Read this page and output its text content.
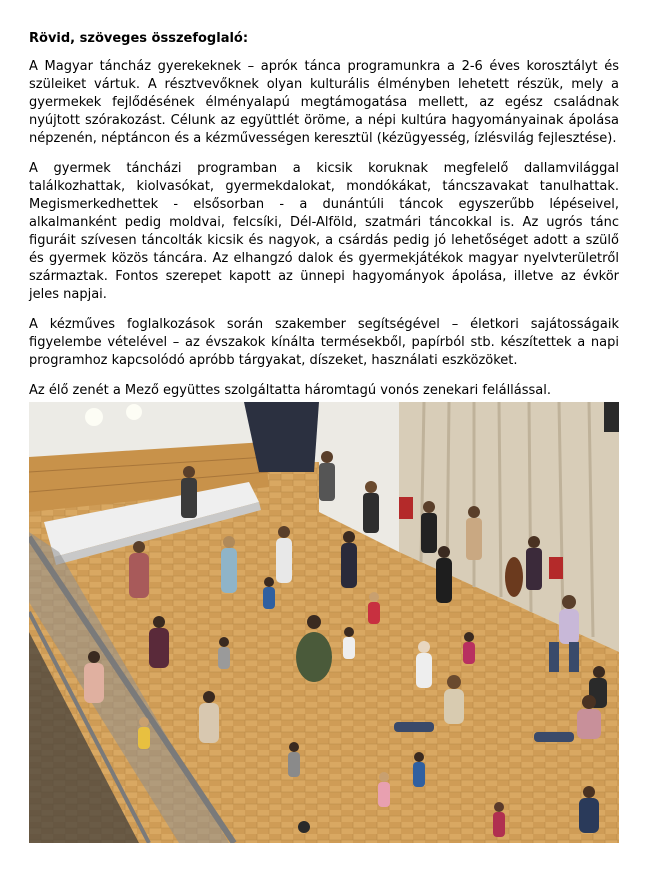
Rövid, szöveges összefoglaló:

A Magyar táncház gyerekeknek – apróк tánca programunkra a 2-6 éves korosztályt és szüleiket vártuk. A résztvevőknek olyan kulturális élményben lehetett részük, mely a gyermekek fejlődésének élményalapú megtámogatása mellett, az egész családnak nyújtott szórakozást. Célunk az együttlét öröme, a népi kultúra hagyományainak ápolása népzenén, néptáncon és a kézművességen keresztül (kézügyesség, ízlésvilág fejlesztése).

A gyermek táncházi programban a kicsik koruknak megfelelő dallamvilággal találkozhattak, kiolvasókat, gyermekdalokat, mondókákat, táncszavakat tanulhattak. Megismerkedhettek - elsősorban - a dunántúli táncok egyszerűbb lépéseivel, alkalmanként pedig moldvai, felcsíki, Dél-Alföld, szatmári táncokkal is. Az ugrós tánc figuráit szívesen táncolták kicsik és nagyok, a csárdás pedig jó lehetőséget adott a szülő és gyermek közös táncára. Az elhangzó dalok és gyermekjátékok magyar nyelvterületről származtak. Fontos szerepet kapott az ünnepi hagyományok ápolása, illetve az évkör jeles napjai.

A kézműves foglalkozások során szakember segítségével – életkori sajátosságaik figyelembe vételével – az évszakok kínálta termésekből, papírból stb. készítettek a napi programhoz kapcsolódó apróbb tárgyakat, díszeket, használati eszközöket.

Az élő zenét a Mező együttes szolgáltatta háromtagú vonós zenekari felállással.
